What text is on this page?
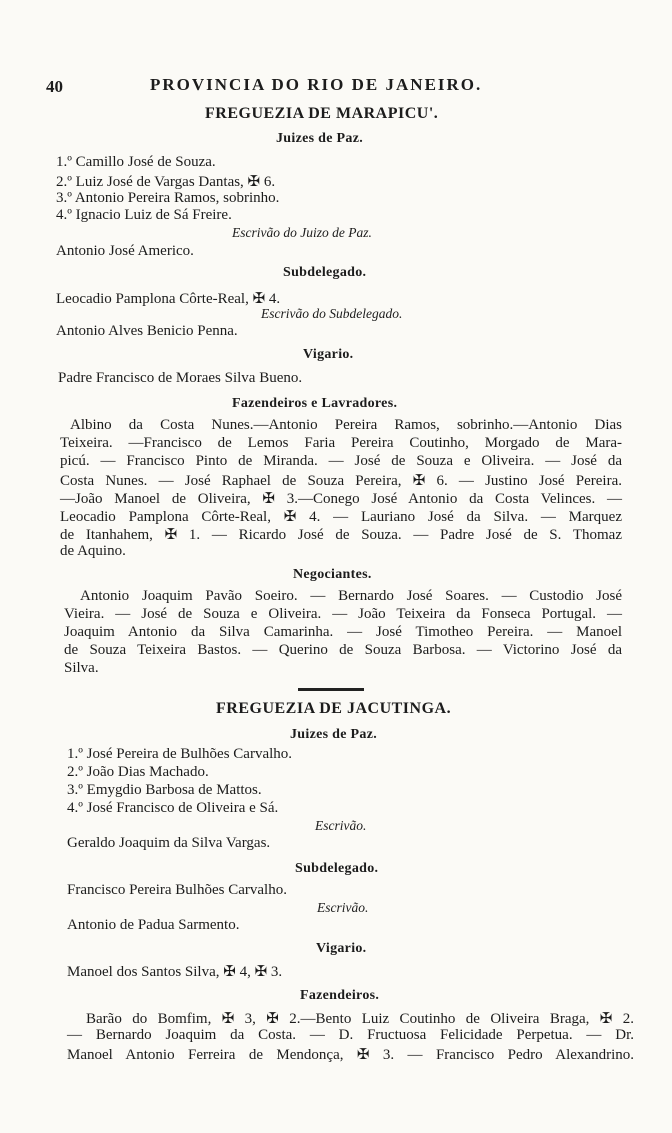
40	PROVINCIA DO RIO DE JANEIRO.
FREGUEZIA DE MARAPICU'.
Juizes de Paz.
1.º Camillo José de Souza.
2.º Luiz José de Vargas Dantas, ✠ 6.
3.º Antonio Pereira Ramos, sobrinho.
4.º Ignacio Luiz de Sá Freire.
Escrivão do Juizo de Paz.
Antonio José Americo.
Subdelegado.
Leocadio Pamplona Côrte-Real, ✠ 4.
Escrivão do Subdelegado.
Antonio Alves Benicio Penna.
Vigario.
Padre Francisco de Moraes Silva Bueno.
Fazendeiros e Lavradores.
Albino da Costa Nunes.—Antonio Pereira Ramos, sobrinho.—Antonio Dias
Teixeira. —Francisco de Lemos Faria Pereira Coutinho, Morgado de Mara-
picú. — Francisco Pinto de Miranda. — José de Souza e Oliveira. — José da
Costa Nunes. — José Raphael de Souza Pereira, ✠ 6. — Justino José Pereira.
—João Manoel de Oliveira, ✠ 3.—Conego José Antonio da Costa Velinces. —
Leocadio Pamplona Côrte-Real, ✠ 4. — Lauriano José da Silva. — Marquez
de Itanhahem, ✠ 1. — Ricardo José de Souza. — Padre José de S. Thomaz
de Aquino.
Negociantes.
Antonio Joaquim Pavão Soeiro. — Bernardo José Soares. — Custodio José
Vieira. — José de Souza e Oliveira. — João Teixeira da Fonseca Portugal. —
Joaquim Antonio da Silva Camarinha. — José Timotheo Pereira. — Manoel
de Souza Teixeira Bastos. — Querino de Souza Barbosa. — Victorino José da
Silva.
FREGUEZIA DE JACUTINGA.
Juizes de Paz.
1.º José Pereira de Bulhões Carvalho.
2.º João Dias Machado.
3.º Emygdio Barbosa de Mattos.
4.º José Francisco de Oliveira e Sá.
Escrivão.
Geraldo Joaquim da Silva Vargas.
Subdelegado.
Francisco Pereira Bulhões Carvalho.
Escrivão.
Antonio de Padua Sarmento.
Vigario.
Manoel dos Santos Silva, ✠ 4, ✠ 3.
Fazendeiros.
Barão do Bomfim, ✠ 3, ✠ 2.—Bento Luiz Coutinho de Oliveira Braga, ✠ 2.
— Bernardo Joaquim da Costa. — D. Fructuosa Felicidade Perpetua. — Dr.
Manoel Antonio Ferreira de Mendonça, ✠ 3. — Francisco Pedro Alexandrino.
